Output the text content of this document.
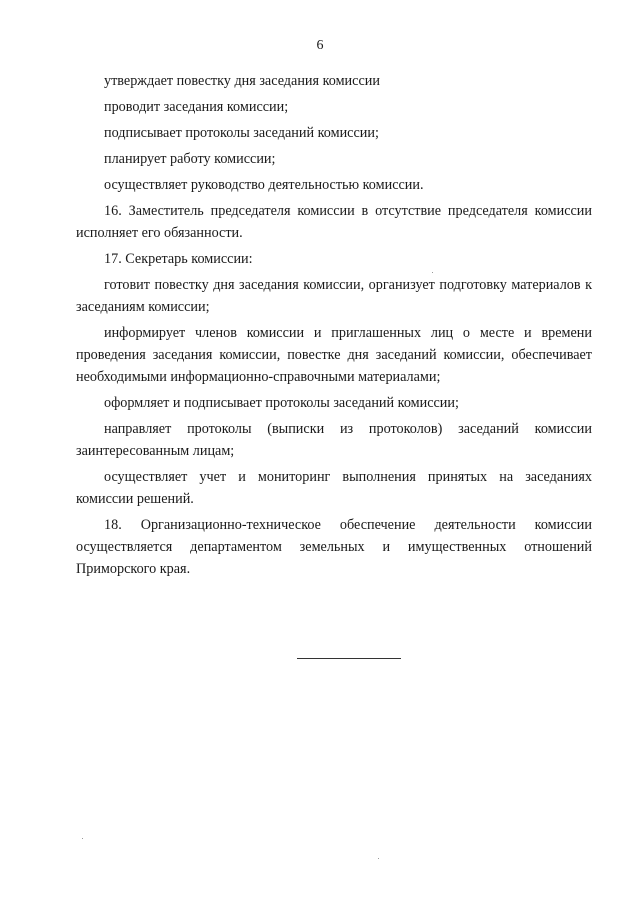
6

утверждает повестку дня заседания комиссии

проводит заседания комиссии;

подписывает протоколы заседаний комиссии;

планирует работу комиссии;

осуществляет руководство деятельностью комиссии.

16. Заместитель председателя комиссии в отсутствие председателя комиссии исполняет его обязанности.

17. Секретарь комиссии:

готовит повестку дня заседания комиссии, организует подготовку материалов к заседаниям комиссии;

информирует членов комиссии и приглашенных лиц о месте и времени проведения заседания комиссии, повестке дня заседаний комиссии, обеспечивает необходимыми информационно-справочными материалами;

оформляет и подписывает протоколы заседаний комиссии;

направляет протоколы (выписки из протоколов) заседаний комиссии заинтересованным лицам;

осуществляет учет и мониторинг выполнения принятых на заседаниях комиссии решений.

18. Организационно-техническое обеспечение деятельности комиссии осуществляется департаментом земельных и имущественных отношений Приморского края.
